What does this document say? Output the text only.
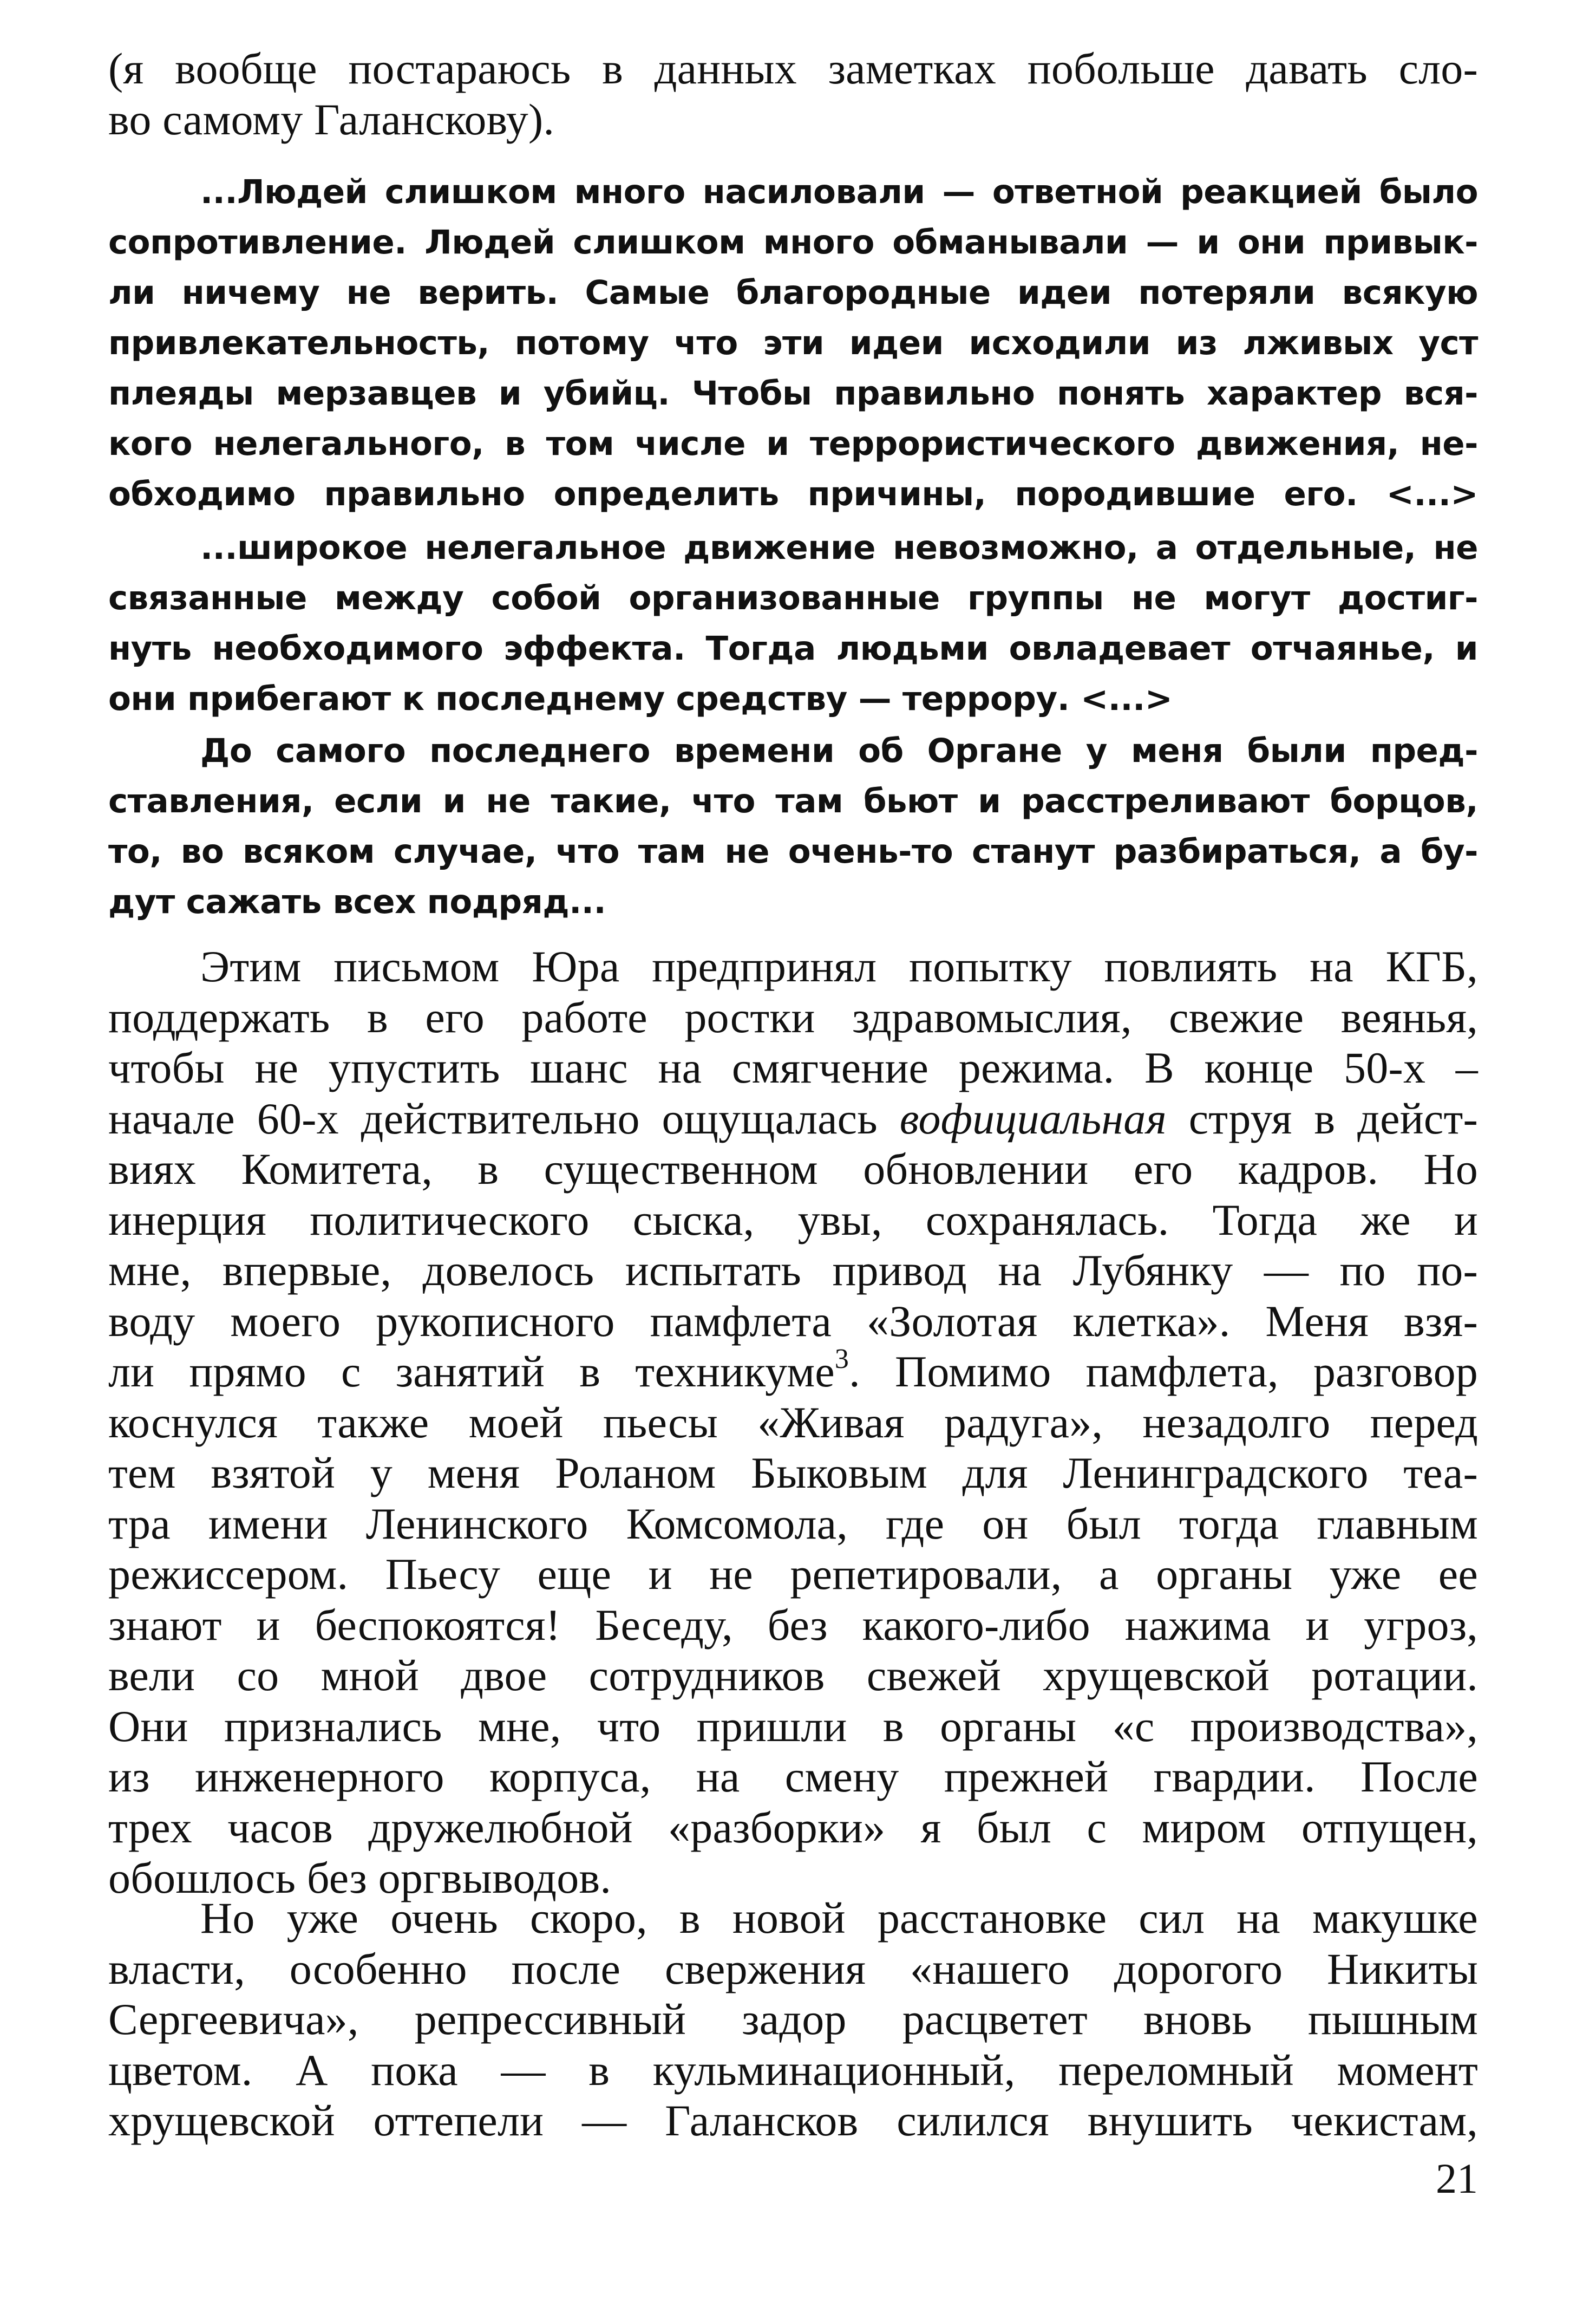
(я вообще постараюсь в данных заметках побольше давать сло-
во самому Галанскову).
...Людей слишком много насиловали — ответной реакцией было
сопротивление. Людей слишком много обманывали — и они привык-
ли ничему не верить. Самые благородные идеи потеряли всякую
привлекательность, потому что эти идеи исходили из лживых уст
плеяды мерзавцев и убийц. Чтобы правильно понять характер вся-
кого нелегального, в том числе и террористического движения, не-
обходимо правильно определить причины, породившие его. <...>
...широкое нелегальное движение невозможно, а отдельные, не
связанные между собой организованные группы не могут достиг-
нуть необходимого эффекта. Тогда людьми овладевает отчаянье, и
они прибегают к последнему средству — террору. <...>
До самого последнего времени об Органе у меня были пред-
ставления, если и не такие, что там бьют и расстреливают борцов,
то, во всяком случае, что там не очень-то станут разбираться, а бу-
дут сажать всех подряд...
Этим письмом Юра предпринял попытку повлиять на КГБ,
поддержать в его работе ростки здравомыслия, свежие веянья,
чтобы не упустить шанс на смягчение режима. В конце 50-х –
начале 60-х действительно ощущалась вофициальная струя в дейст-
виях Комитета, в существенном обновлении его кадров. Но
инерция политического сыска, увы, сохранялась. Тогда же и
мне, впервые, довелось испытать привод на Лубянку — по по-
воду моего рукописного памфлета «Золотая клетка». Меня взя-
ли прямо с занятий в техникуме$^3$. Помимо памфлета, разговор
коснулся также моей пьесы «Живая радуга», незадолго перед
тем взятой у меня Роланом Быковым для Ленинградского теа-
тра имени Ленинского Комсомола, где он был тогда главным
режиссером. Пьесу еще и не репетировали, а органы уже ее
знают и беспокоятся! Беседу, без какого-либо нажима и угроз,
вели со мной двое сотрудников свежей хрущевской ротации.
Они признались мне, что пришли в органы «с производства»,
из инженерного корпуса, на смену прежней гвардии. После
трех часов дружелюбной «разборки» я был с миром отпущен,
обошлось без оргвыводов.
Но уже очень скоро, в новой расстановке сил на макушке
власти, особенно после свержения «нашего дорогого Никиты
Сергеевича», репрессивный задор расцветет вновь пышным
цветом. А пока — в кульминационный, переломный момент
хрущевской оттепели — Галансков силился внушить чекистам,
21
